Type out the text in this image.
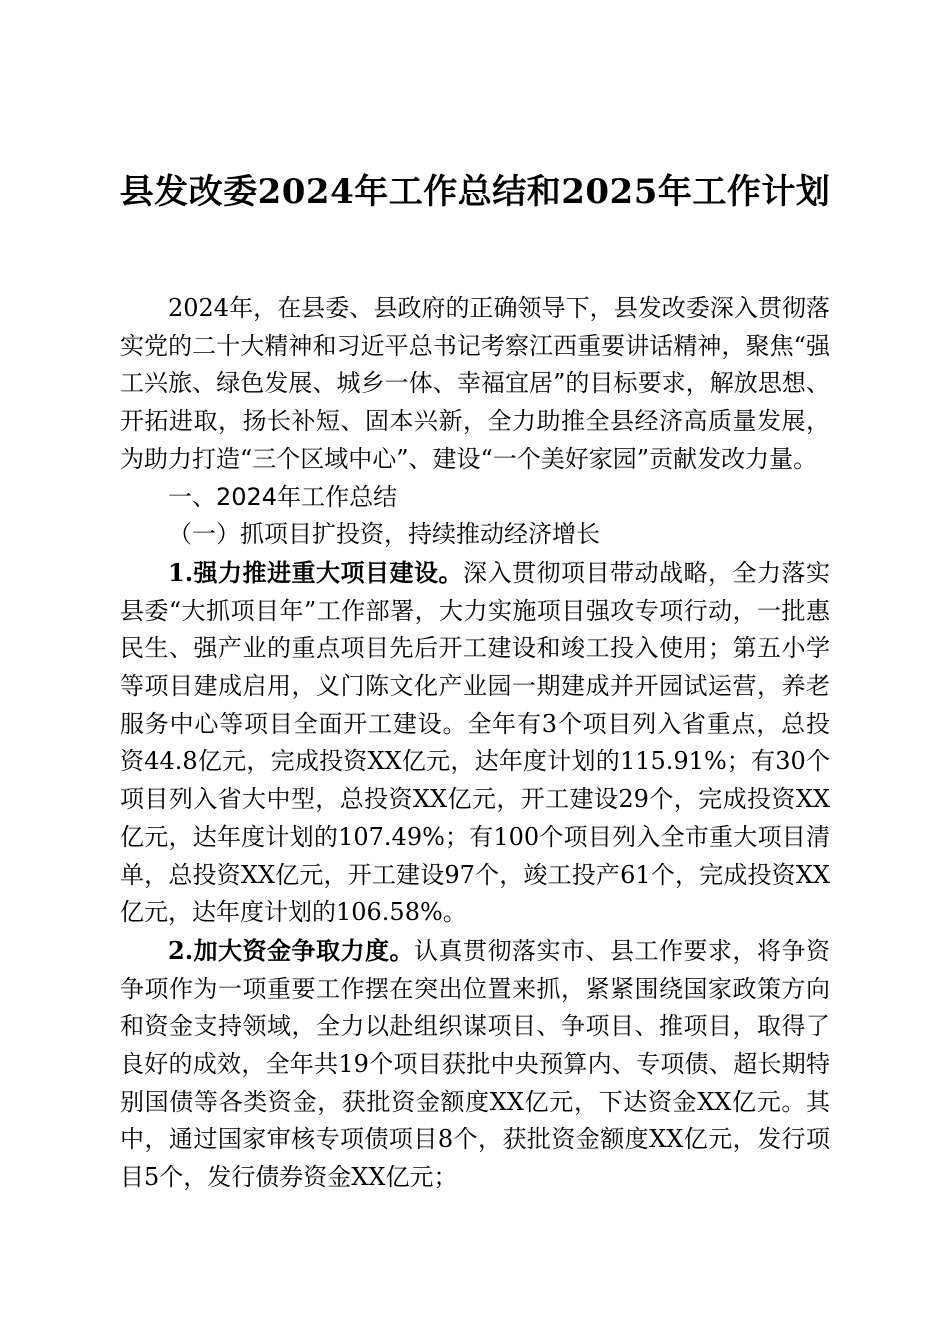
县发改委2024年工作总结和2025年工作计划

2024年，在县委、县政府的正确领导下，县发改委深入贯彻落实党的二十大精神和习近平总书记考察江西重要讲话精神，聚焦“强工兴旅、绿色发展、城乡一体、幸福宜居”的目标要求，解放思想、开拓进取，扬长补短、固本兴新，全力助推全县经济高质量发展，为助力打造“三个区域中心”、建设“一个美好家园”贡献发改力量。

一、2024年工作总结

（一）抓项目扩投资，持续推动经济增长

1.强力推进重大项目建设。深入贯彻项目带动战略，全力落实县委“大抓项目年”工作部署，大力实施项目强攻专项行动，一批惠民生、强产业的重点项目先后开工建设和竣工投入使用；第五小学等项目建成启用，义门陈文化产业园一期建成并开园试运营，养老服务中心等项目全面开工建设。全年有3个项目列入省重点，总投资44.8亿元，完成投资XX亿元，达年度计划的115.91%；有30个项目列入省大中型，总投资XX亿元，开工建设29个，完成投资XX亿元，达年度计划的107.49%；有100个项目列入全市重大项目清单，总投资XX亿元，开工建设97个，竣工投产61个，完成投资XX亿元，达年度计划的106.58%。

2.加大资金争取力度。认真贯彻落实市、县工作要求，将争资争项作为一项重要工作摆在突出位置来抓，紧紧围绕国家政策方向和资金支持领域，全力以赴组织谋项目、争项目、推项目，取得了良好的成效，全年共19个项目获批中央预算内、专项债、超长期特别国债等各类资金，获批资金额度XX亿元，下达资金XX亿元。其中，通过国家审核专项债项目8个，获批资金额度XX亿元，发行项目5个，发行债券资金XX亿元；
